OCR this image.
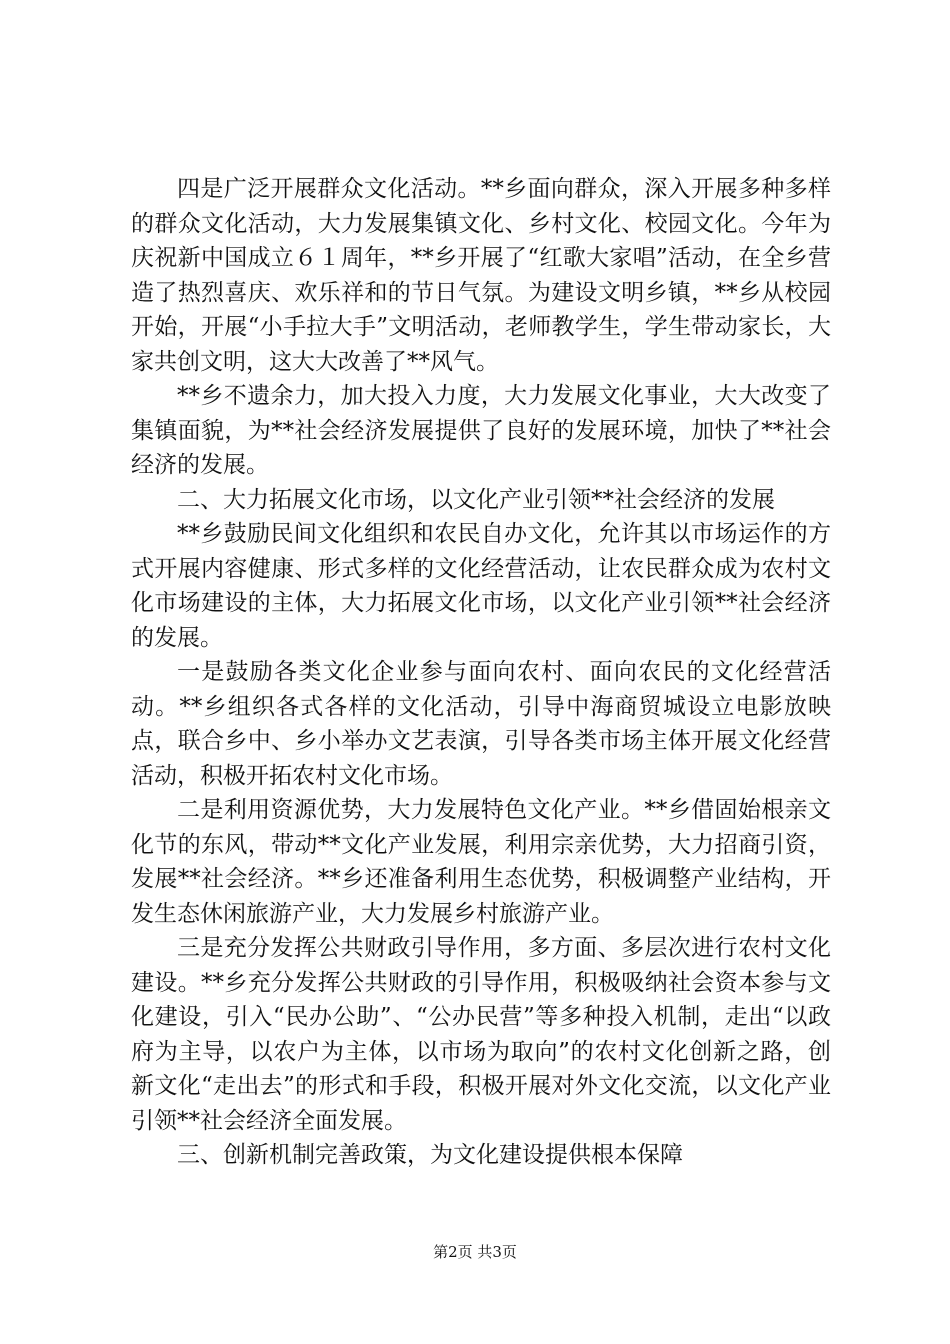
四是广泛开展群众文化活动。**乡面向群众，深入开展多种多样的群众文化活动，大力发展集镇文化、乡村文化、校园文化。今年为庆祝新中国成立６１周年，**乡开展了“红歌大家唱”活动，在全乡营造了热烈喜庆、欢乐祥和的节日气氛。为建设文明乡镇，**乡从校园开始，开展“小手拉大手”文明活动，老师教学生，学生带动家长，大家共创文明，这大大改善了**风气。

**乡不遗余力，加大投入力度，大力发展文化事业，大大改变了集镇面貌，为**社会经济发展提供了良好的发展环境，加快了**社会经济的发展。

二、大力拓展文化市场，以文化产业引领**社会经济的发展

**乡鼓励民间文化组织和农民自办文化，允许其以市场运作的方式开展内容健康、形式多样的文化经营活动，让农民群众成为农村文化市场建设的主体，大力拓展文化市场，以文化产业引领**社会经济的发展。

一是鼓励各类文化企业参与面向农村、面向农民的文化经营活动。**乡组织各式各样的文化活动，引导中海商贸城设立电影放映点，联合乡中、乡小举办文艺表演，引导各类市场主体开展文化经营活动，积极开拓农村文化市场。

二是利用资源优势，大力发展特色文化产业。**乡借固始根亲文化节的东风，带动**文化产业发展，利用宗亲优势，大力招商引资，发展**社会经济。**乡还准备利用生态优势，积极调整产业结构，开发生态休闲旅游产业，大力发展乡村旅游产业。

三是充分发挥公共财政引导作用，多方面、多层次进行农村文化建设。**乡充分发挥公共财政的引导作用，积极吸纳社会资本参与文化建设，引入“民办公助”、“公办民营”等多种投入机制，走出“以政府为主导，以农户为主体，以市场为取向”的农村文化创新之路，创新文化“走出去”的形式和手段，积极开展对外文化交流，以文化产业引领**社会经济全面发展。

三、创新机制完善政策，为文化建设提供根本保障

第2页 共3页
